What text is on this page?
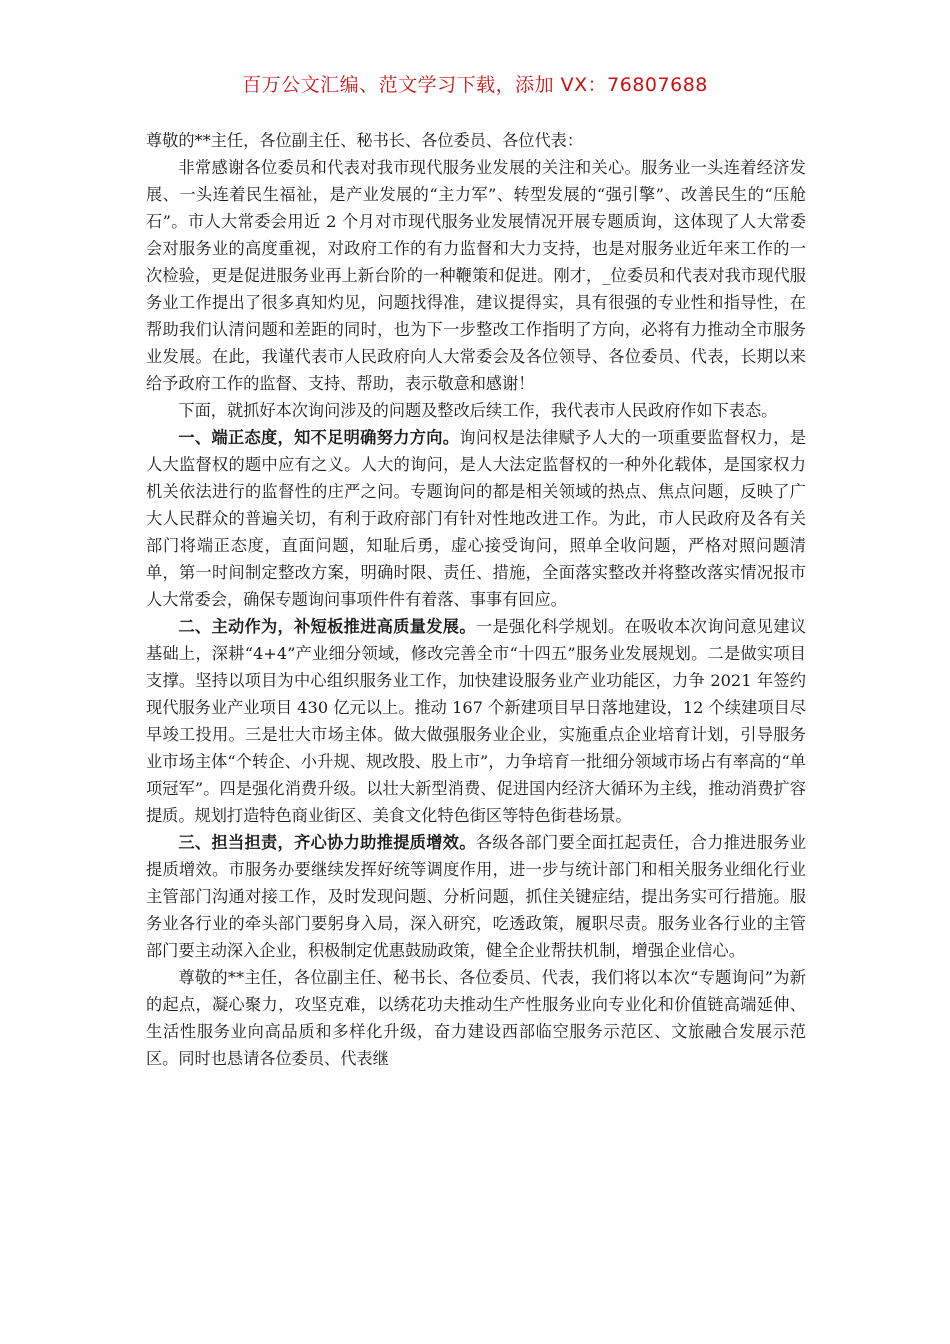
百万公文汇编、范文学习下载，添加 VX：76807688

尊敬的**主任，各位副主任、秘书长、各位委员、各位代表：

非常感谢各位委员和代表对我市现代服务业发展的关注和关心。服务业一头连着经济发展、一头连着民生福祉，是产业发展的“主力军”、转型发展的“强引擎”、改善民生的“压舱石”。市人大常委会用近 2 个月对市现代服务业发展情况开展专题质询，这体现了人大常委会对服务业的高度重视，对政府工作的有力监督和大力支持，也是对服务业近年来工作的一次检验，更是促进服务业再上新台阶的一种鞭策和促进。刚才，_位委员和代表对我市现代服务业工作提出了很多真知灼见，问题找得准，建议提得实，具有很强的专业性和指导性，在帮助我们认清问题和差距的同时，也为下一步整改工作指明了方向，必将有力推动全市服务业发展。在此，我谨代表市人民政府向人大常委会及各位领导、各位委员、代表，长期以来给予政府工作的监督、支持、帮助，表示敬意和感谢！

下面，就抓好本次询问涉及的问题及整改后续工作，我代表市人民政府作如下表态。

一、端正态度，知不足明确努力方向。询问权是法律赋予人大的一项重要监督权力，是人大监督权的题中应有之义。人大的询问，是人大法定监督权的一种外化载体，是国家权力机关依法进行的监督性的庄严之问。专题询问的都是相关领域的热点、焦点问题，反映了广大人民群众的普遍关切，有利于政府部门有针对性地改进工作。为此，市人民政府及各有关部门将端正态度，直面问题，知耻后勇，虚心接受询问，照单全收问题，严格对照问题清单，第一时间制定整改方案，明确时限、责任、措施，全面落实整改并将整改落实情况报市人大常委会，确保专题询问事项件件有着落、事事有回应。

二、主动作为，补短板推进高质量发展。一是强化科学规划。在吸收本次询问意见建议基础上，深耕“4+4”产业细分领域，修改完善全市“十四五”服务业发展规划。二是做实项目支撑。坚持以项目为中心组织服务业工作，加快建设服务业产业功能区，力争 2021 年签约现代服务业产业项目 430 亿元以上。推动 167 个新建项目早日落地建设，12 个续建项目尽早竣工投用。三是壮大市场主体。做大做强服务业企业，实施重点企业培育计划，引导服务业市场主体“个转企、小升规、规改股、股上市”，力争培育一批细分领域市场占有率高的“单项冠军”。四是强化消费升级。以壮大新型消费、促进国内经济大循环为主线，推动消费扩容提质。规划打造特色商业街区、美食文化特色街区等特色街巷场景。

三、担当担责，齐心协力助推提质增效。各级各部门要全面扛起责任，合力推进服务业提质增效。市服务办要继续发挥好统等调度作用，进一步与统计部门和相关服务业细化行业主管部门沟通对接工作，及时发现问题、分析问题，抓住关键症结，提出务实可行措施。服务业各行业的牵头部门要躬身入局，深入研究，吃透政策，履职尽责。服务业各行业的主管部门要主动深入企业，积极制定优惠鼓励政策，健全企业帮扶机制，增强企业信心。

尊敬的**主任，各位副主任、秘书长、各位委员、代表，我们将以本次“专题询问”为新的起点，凝心聚力，攻坚克难，以绣花功夫推动生产性服务业向专业化和价值链高端延伸、生活性服务业向高品质和多样化升级，奋力建设西部临空服务示范区、文旅融合发展示范区。同时也恳请各位委员、代表继
